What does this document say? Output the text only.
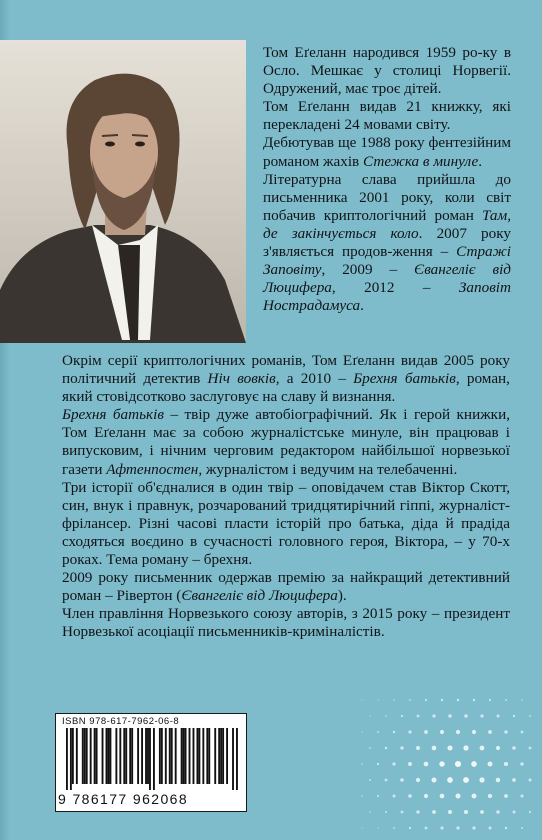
Том Еґеланн народився 1959 ро-ку в Осло. Мешкає у столиці Норвегії. Одружений, має троє дітей.

Том Еґеланн видав 21 книжку, які перекладені 24 мовами світу.

Дебютував ще 1988 року фентезійним романом жахів Стежка в минуле.

Літературна слава прийшла до письменника 2001 року, коли світ побачив криптологічний роман Там, де закінчується коло. 2007 року з'являється продов-ження – Стражі Заповіту, 2009 – Євангеліє від Люцифера, 2012 – Заповіт Нострадамуса.

Окрім серії криптологічних романів, Том Еґеланн видав 2005 року політичний детектив Ніч вовків, а 2010 – Брехня батьків, роман, який стовідсотково заслуговує на славу й визнання.

Брехня батьків – твір дуже автобіографічний. Як і герой книжки, Том Еґеланн має за собою журналістське минуле, він працював і випусковим, і нічним черговим редактором найбільшої норвезької газети Афтенпостен, журналістом і ведучим на телебаченні.

Три історії об'єдналися в один твір – оповідачем став Віктор Скотт, син, внук і правнук, розчарований тридцятирічний гіппі, журналіст-фрілансер. Різні часові пласти історій про батька, діда й прадіда сходяться воєдино в сучасності головного героя, Віктора, – у 70-х роках. Тема роману – брехня.

2009 року письменник одержав премію за найкращий детективний роман – Рівертон (Євангеліє від Люцифера).

Член правління Норвезького союзу авторів, з 2015 року – президент Норвезької асоціації письменників-криміналістів.

ISBN 978-617-7962-06-8
9 786177 962068
